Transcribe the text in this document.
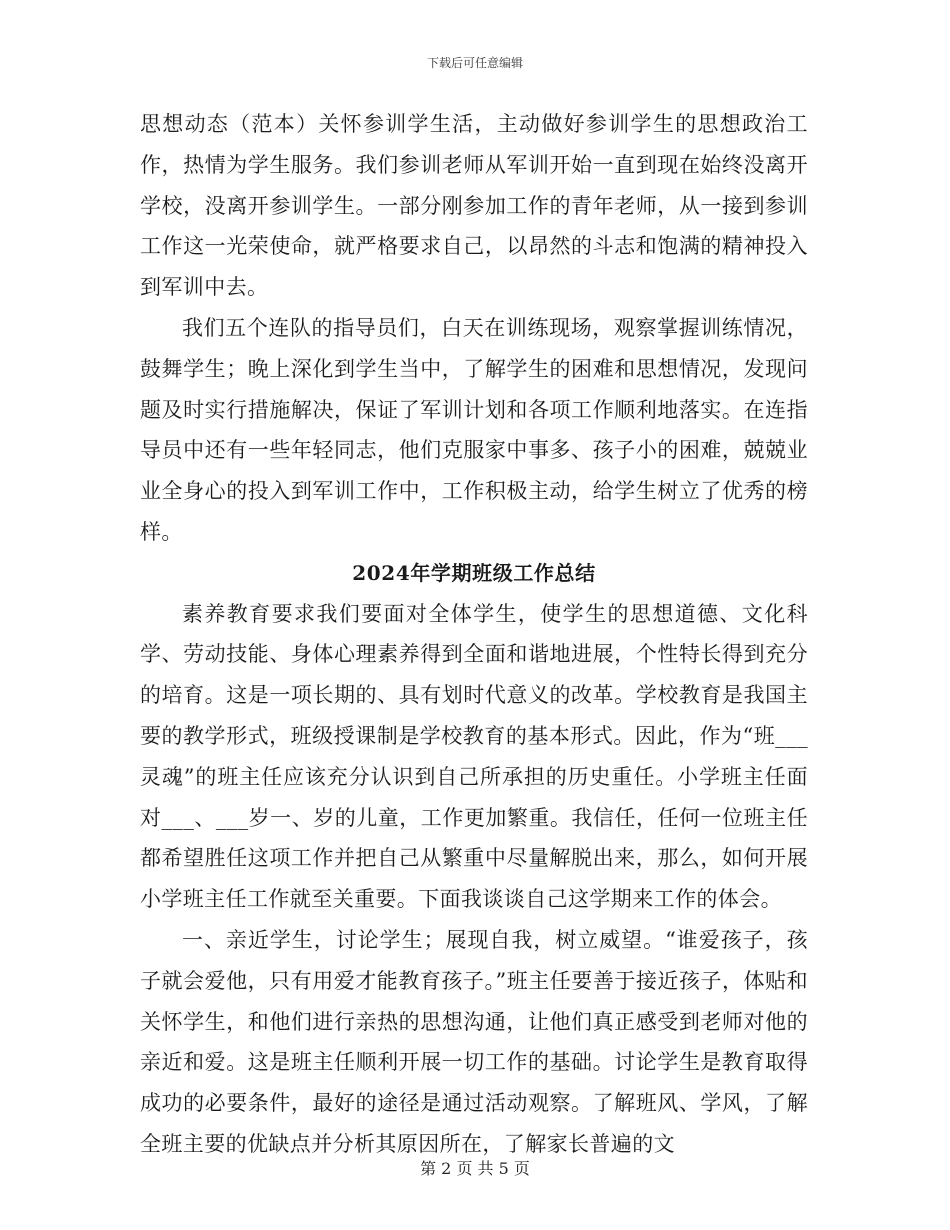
下载后可任意编辑

思想动态（范本）关怀参训学生活，主动做好参训学生的思想政治工作，热情为学生服务。我们参训老师从军训开始一直到现在始终没离开学校，没离开参训学生。一部分刚参加工作的青年老师，从一接到参训工作这一光荣使命，就严格要求自己，以昂然的斗志和饱满的精神投入到军训中去。

我们五个连队的指导员们，白天在训练现场，观察掌握训练情况，鼓舞学生；晚上深化到学生当中，了解学生的困难和思想情况，发现问题及时实行措施解决，保证了军训计划和各项工作顺利地落实。在连指导员中还有一些年轻同志，他们克服家中事多、孩子小的困难，兢兢业业全身心的投入到军训工作中，工作积极主动，给学生树立了优秀的榜样。

2024年学期班级工作总结

素养教育要求我们要面对全体学生，使学生的思想道德、文化科学、劳动技能、身体心理素养得到全面和谐地进展，个性特长得到充分的培育。这是一项长期的、具有划时代意义的改革。学校教育是我国主要的教学形式，班级授课制是学校教育的基本形式。因此，作为“班___灵魂”的班主任应该充分认识到自己所承担的历史重任。小学班主任面对___、___岁一、岁的儿童，工作更加繁重。我信任，任何一位班主任都希望胜任这项工作并把自己从繁重中尽量解脱出来，那么，如何开展小学班主任工作就至关重要。下面我谈谈自己这学期来工作的体会。

一、亲近学生，讨论学生；展现自我，树立威望。“谁爱孩子，孩子就会爱他，只有用爱才能教育孩子。”班主任要善于接近孩子，体贴和关怀学生，和他们进行亲热的思想沟通，让他们真正感受到老师对他的亲近和爱。这是班主任顺利开展一切工作的基础。讨论学生是教育取得成功的必要条件，最好的途径是通过活动观察。了解班风、学风，了解全班主要的优缺点并分析其原因所在，了解家长普遍的文

第 2 页 共 5 页
